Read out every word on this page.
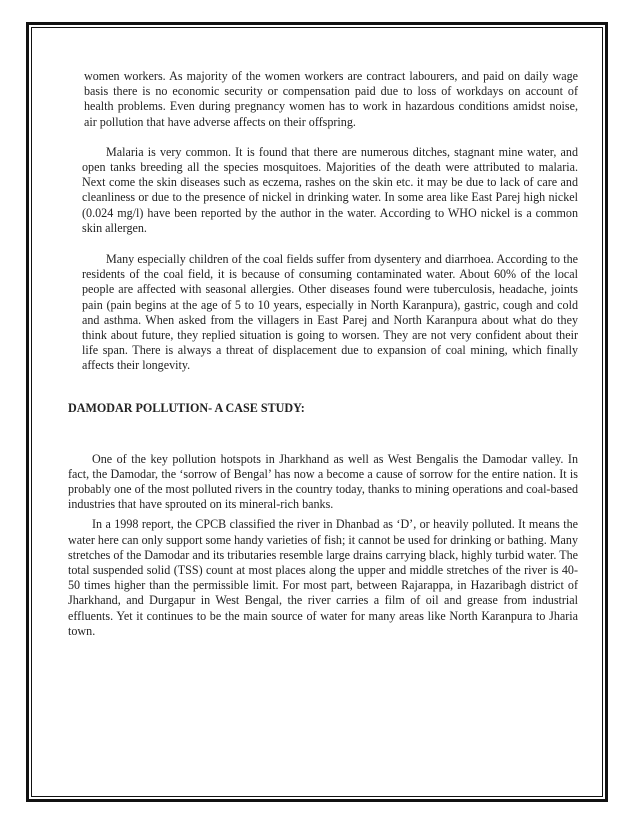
women workers. As majority of the women workers are contract labourers, and paid on daily wage basis there is no economic security or compensation paid due to loss of workdays on account of health problems. Even during pregnancy women has to work in hazardous conditions amidst noise, air pollution that have adverse affects on their offspring.

Malaria is very common. It is found that there are numerous ditches, stagnant mine water, and open tanks breeding all the species mosquitoes. Majorities of the death were attributed to malaria. Next come the skin diseases such as eczema, rashes on the skin etc. it may be due to lack of care and cleanliness or due to the presence of nickel in drinking water. In some area like East Parej high nickel (0.024 mg/l) have been reported by the author in the water. According to WHO nickel is a common skin allergen.

Many especially children of the coal fields suffer from dysentery and diarrhoea. According to the residents of the coal field, it is because of consuming contaminated water. About 60% of the local people are affected with seasonal allergies. Other diseases found were tuberculosis, headache, joints pain (pain begins at the age of 5 to 10 years, especially in North Karanpura), gastric, cough and cold and asthma. When asked from the villagers in East Parej and North Karanpura about what do they think about future, they replied situation is going to worsen. They are not very confident about their life span. There is always a threat of displacement due to expansion of coal mining, which finally affects their longevity.

DAMODAR POLLUTION- A CASE STUDY:

One of the key pollution hotspots in Jharkhand as well as West Bengalis the Damodar valley. In fact, the Damodar, the ‘sorrow of Bengal’ has now a become a cause of sorrow for the entire nation. It is probably one of the most polluted rivers in the country today, thanks to mining operations and coal-based industries that have sprouted on its mineral-rich banks.

In a 1998 report, the CPCB classified the river in Dhanbad as ‘D’, or heavily polluted. It means the water here can only support some handy varieties of fish; it cannot be used for drinking or bathing. Many stretches of the Damodar and its tributaries resemble large drains carrying black, highly turbid water. The total suspended solid (TSS) count at most places along the upper and middle stretches of the river is 40-50 times higher than the permissible limit. For most part, between Rajarappa, in Hazaribagh district of Jharkhand, and Durgapur in West Bengal, the river carries a film of oil and grease from industrial effluents. Yet it continues to be the main source of water for many areas like North Karanpura to Jharia town.
